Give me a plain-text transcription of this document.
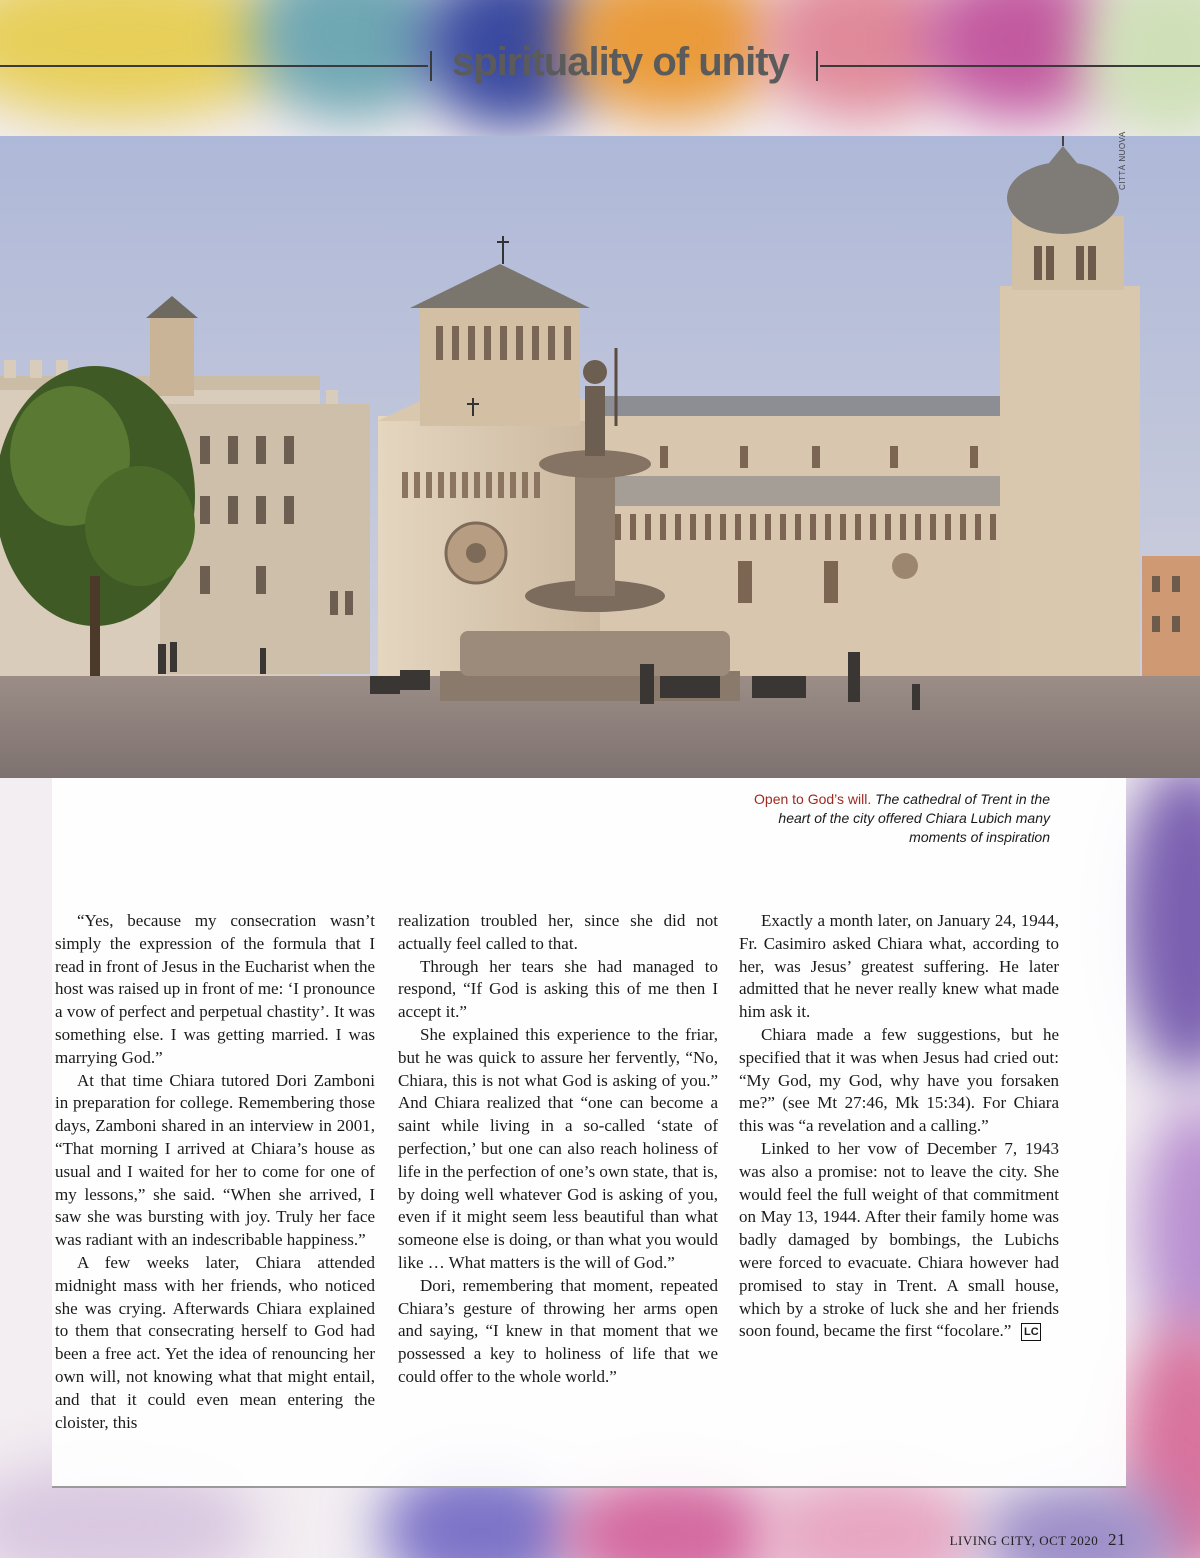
spirituality of unity
CITTÀ NUOVA
Open to God’s will. The cathedral of Trent in the heart of the city offered Chiara Lubich many moments of inspiration

“Yes, because my consecration wasn’t simply the expression of the formula that I read in front of Jesus in the Eucharist when the host was raised up in front of me: ‘I pronounce a vow of perfect and perpetual chastity’. It was something else. I was getting married. I was marrying God.”

At that time Chiara tutored Dori Zamboni in preparation for college. Remembering those days, Zamboni shared in an interview in 2001, “That morning I arrived at Chiara’s house as usual and I waited for her to come for one of my lessons,” she said. “When she arrived, I saw she was bursting with joy. Truly her face was radiant with an indescribable happiness.”

A few weeks later, Chiara attended midnight mass with her friends, who noticed she was crying. Afterwards Chiara explained to them that consecrating herself to God had been a free act. Yet the idea of renouncing her own will, not knowing what that might entail, and that it could even mean entering the cloister, this

realization troubled her, since she did not actually feel called to that.

Through her tears she had managed to respond, “If God is asking this of me then I accept it.”

She explained this experience to the friar, but he was quick to assure her fervently, “No, Chiara, this is not what God is asking of you.” And Chiara realized that “one can become a saint while living in a so-called ‘state of perfection,’ but one can also reach holiness of life in the perfection of one’s own state, that is, by doing well whatever God is asking of you, even if it might seem less beautiful than what someone else is doing, or than what you would like … What matters is the will of God.”

Dori, remembering that moment, repeated Chiara’s gesture of throwing her arms open and saying, “I knew in that moment that we possessed a key to holiness of life that we could offer to the whole world.”

Exactly a month later, on January 24, 1944, Fr. Casimiro asked Chiara what, according to her, was Jesus’ greatest suffering. He later admitted that he never really knew what made him ask it.

Chiara made a few suggestions, but he specified that it was when Jesus had cried out: “My God, my God, why have you forsaken me?” (see Mt 27:46, Mk 15:34). For Chiara this was “a revelation and a calling.”

Linked to her vow of December 7, 1943 was also a promise: not to leave the city. She would feel the full weight of that commitment on May 13, 1944. After their family home was badly damaged by bombings, the Lubichs were forced to evacuate. Chiara however had promised to stay in Trent. A small house, which by a stroke of luck she and her friends soon found, became the first “focolare.” LC

LIVING CITY, OCT 2020 21
